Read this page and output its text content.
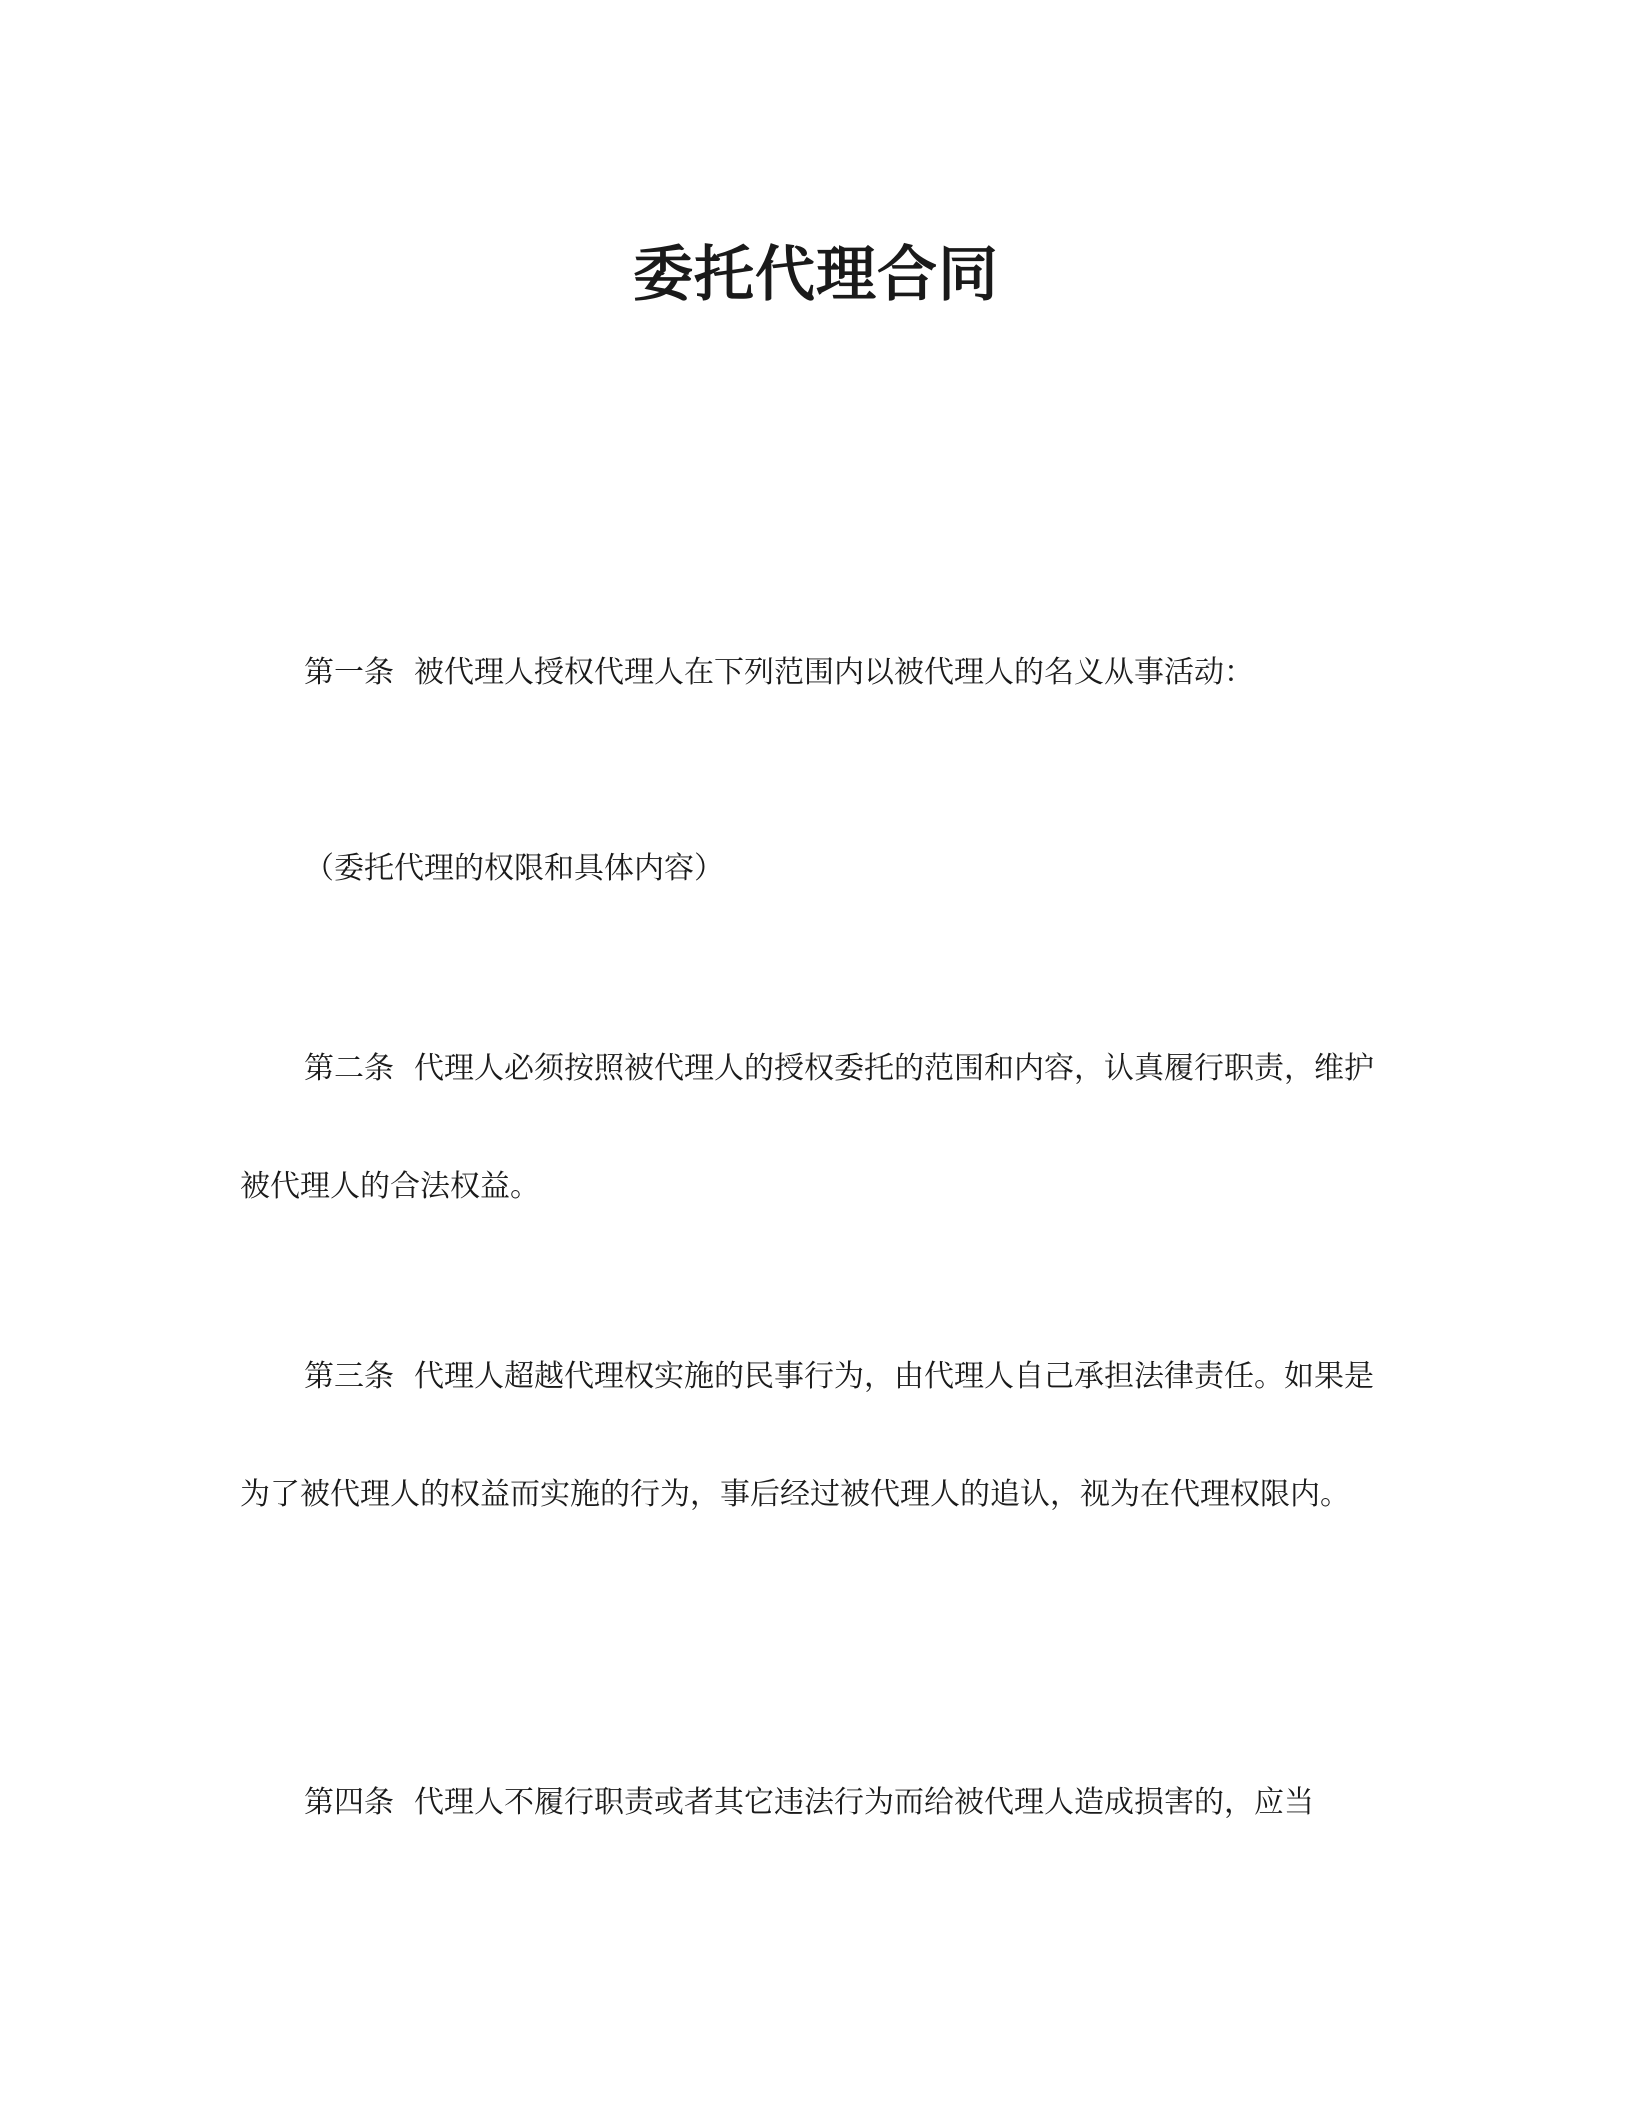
委托代理合同

第一条 被代理人授权代理人在下列范围内以被代理人的名义从事活动：

（委托代理的权限和具体内容）

第二条 代理人必须按照被代理人的授权委托的范围和内容，认真履行职责，维护被代理人的合法权益。

第三条 代理人超越代理权实施的民事行为，由代理人自己承担法律责任。如果是为了被代理人的权益而实施的行为，事后经过被代理人的追认，视为在代理权限内。

第四条 代理人不履行职责或者其它违法行为而给被代理人造成损害的，应当
